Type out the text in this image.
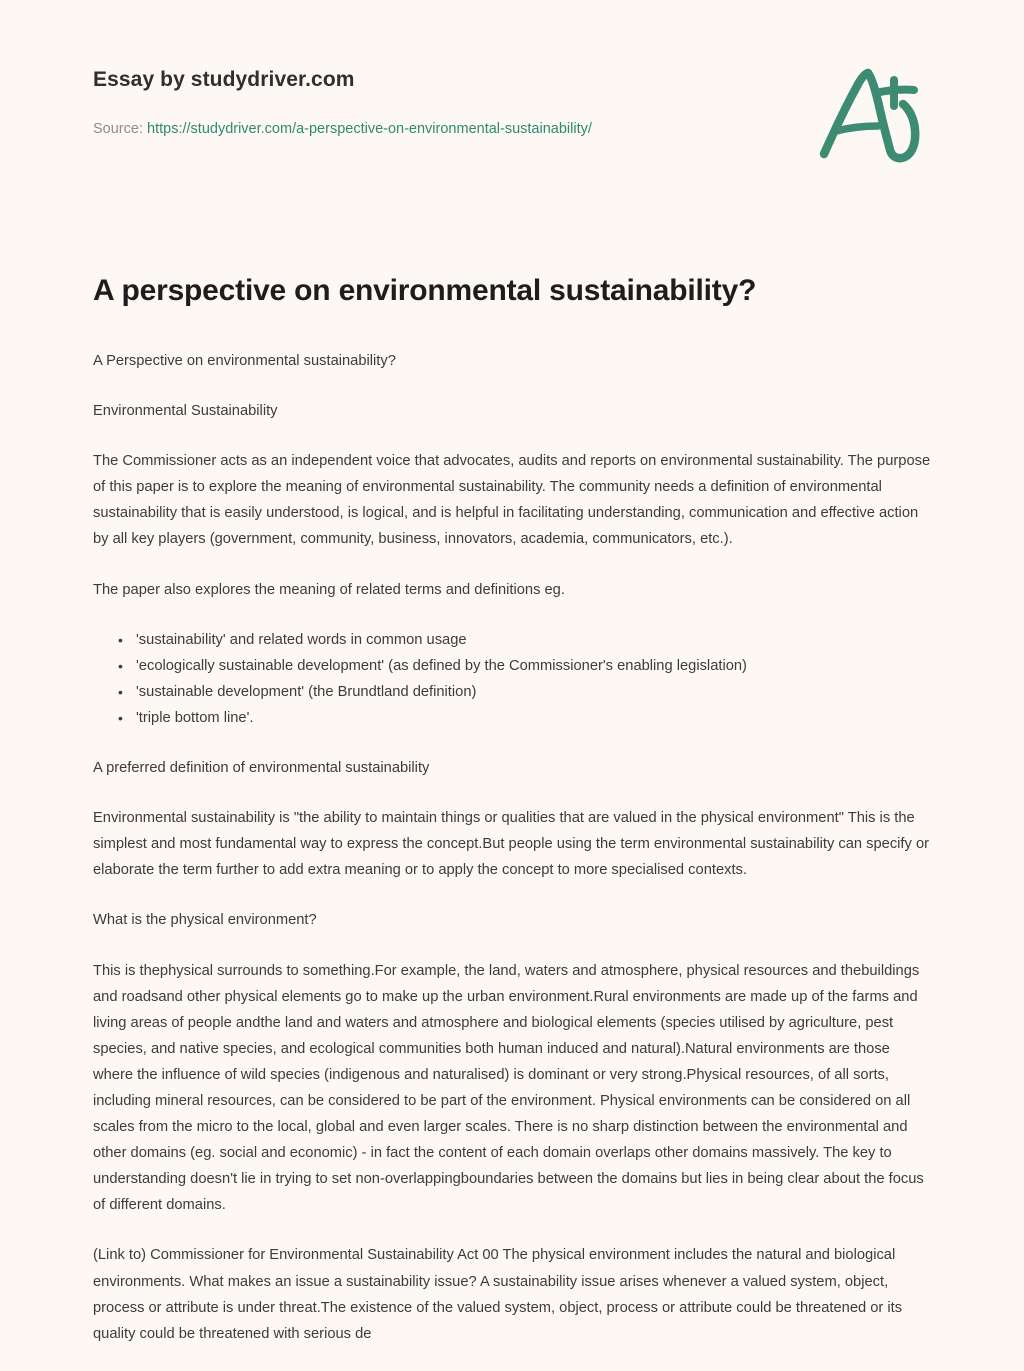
Essay by studydriver.com
Source: https://studydriver.com/a-perspective-on-environmental-sustainability/
A perspective on environmental sustainability?

A Perspective on environmental sustainability?

Environmental Sustainability

The Commissioner acts as an independent voice that advocates, audits and reports on environmental sustainability. The purpose of this paper is to explore the meaning of environmental sustainability. The community needs a definition of environmental sustainability that is easily understood, is logical, and is helpful in facilitating understanding, communication and effective action by all key players (government, community, business, innovators, academia, communicators, etc.).

The paper also explores the meaning of related terms and definitions eg.

• 'sustainability' and related words in common usage
• 'ecologically sustainable development' (as defined by the Commissioner's enabling legislation)
• 'sustainable development' (the Brundtland definition)
• 'triple bottom line'.

A preferred definition of environmental sustainability

Environmental sustainability is "the ability to maintain things or qualities that are valued in the physical environment" This is the simplest and most fundamental way to express the concept.But people using the term environmental sustainability can specify or elaborate the term further to add extra meaning or to apply the concept to more specialised contexts.

What is the physical environment?

This is thephysical surrounds to something.For example, the land, waters and atmosphere, physical resources and thebuildings and roadsand other physical elements go to make up the urban environment.Rural environments are made up of the farms and living areas of people andthe land and waters and atmosphere and biological elements (species utilised by agriculture, pest species, and native species, and ecological communities both human induced and natural).Natural environments are those where the influence of wild species (indigenous and naturalised) is dominant or very strong.Physical resources, of all sorts, including mineral resources, can be considered to be part of the environment. Physical environments can be considered on all scales from the micro to the local, global and even larger scales. There is no sharp distinction between the environmental and other domains (eg. social and economic) - in fact the content of each domain overlaps other domains massively. The key to understanding doesn't lie in trying to set non-overlappingboundaries between the domains but lies in being clear about the focus of different domains.

(Link to) Commissioner for Environmental Sustainability Act 00 The physical environment includes the natural and biological environments. What makes an issue a sustainability issue? A sustainability issue arises whenever a valued system, object, process or attribute is under threat.The existence of the valued system, object, process or attribute could be threatened or its quality could be threatened with serious de
